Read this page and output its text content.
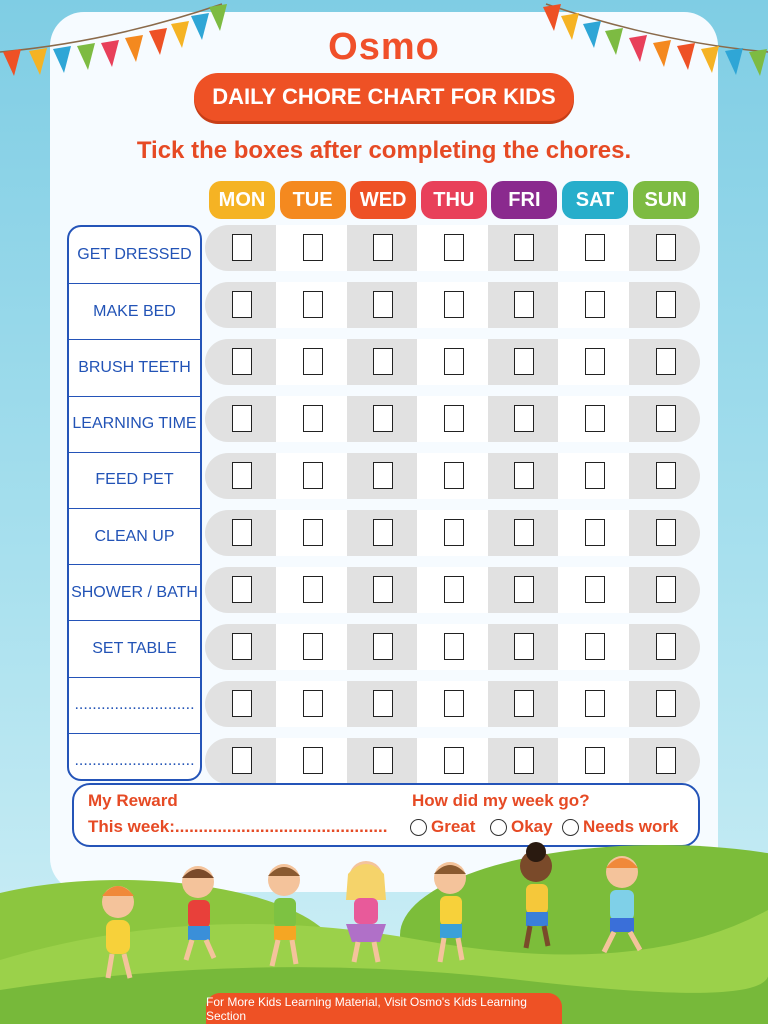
Osmo
DAILY CHORE CHART FOR KIDS
Tick the boxes after completing the chores.
MON	TUE	WED	THU	FRI	SAT	SUN
GET DRESSED
MAKE BED
BRUSH TEETH
LEARNING TIME
FEED PET
CLEAN UP
SHOWER / BATH
SET TABLE
...........................
...........................
My Reward
This week:.............................................
How did my week go?
Great Okay Needs work
For More Kids Learning Material, Visit Osmo's Kids Learning Section
